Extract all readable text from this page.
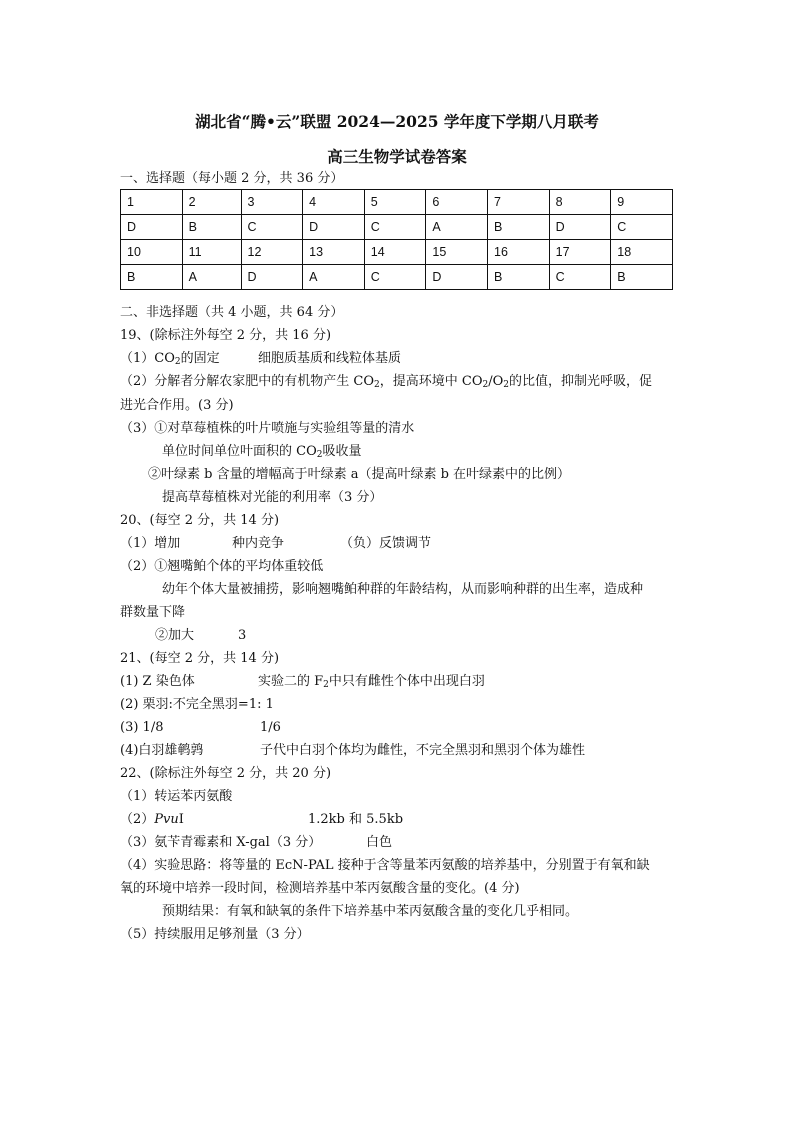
湖北省“腾•云”联盟 2024—2025 学年度下学期八月联考
高三生物学试卷答案
一、选择题（每小题 2 分，共 36 分）
1	2	3	4	5	6	7	8	9
D	B	C	D	C	A	B	D	C
10	11	12	13	14	15	16	17	18
B	A	D	A	C	D	B	C	B
二、非选择题（共 4 小题，共 64 分）
19、(除标注外每空 2 分，共 16 分)
$(1)CO_2$的固定	细胞质基质和线粒体基质
（2）分解者分解农家肥中的有机物产生 $CO_2$，提高环境中 $CO_2/O_2$的比值，抑制光呼吸，促
进光合作用。(3 分)
（3）①对草莓植株的叶片喷施与实验组等量的清水
单位时间单位叶面积的 $CO_2$吸收量
②叶绿素 b 含量的增幅高于叶绿素 a（提高叶绿素 b 在叶绿素中的比例）
提高草莓植株对光能的利用率（3 分）
20、(每空 2 分，共 14 分)
（1）增加	种内竞争	（负）反馈调节
（2）①翘嘴鲌个体的平均体重较低
幼年个体大量被捕捞，影响翘嘴鲌种群的年龄结构，从而影响种群的出生率，造成种
群数量下降
②加大	3
21、(每空 2 分，共 14 分)
(1) Z 染色体	实验二的 $F_2$中只有雌性个体中出现白羽
(2) 栗羽:不完全黑羽=1: 1
(3) 1/8	1/6
(4)白羽雄鹌鹑	子代中白羽个体均为雌性，不完全黑羽和黑羽个体为雄性
22、(除标注外每空 2 分，共 20 分)
（1）转运苯丙氨酸
（2）PvuI	1.2kb 和 5.5kb
（3）氨苄青霉素和 X-gal（3 分）	白色
（4）实验思路：将等量的 EcN-PAL 接种于含等量苯丙氨酸的培养基中，分别置于有氧和缺
氧的环境中培养一段时间，检测培养基中苯丙氨酸含量的变化。(4 分)
预期结果：有氧和缺氧的条件下培养基中苯丙氨酸含量的变化几乎相同。
（5）持续服用足够剂量（3 分）
